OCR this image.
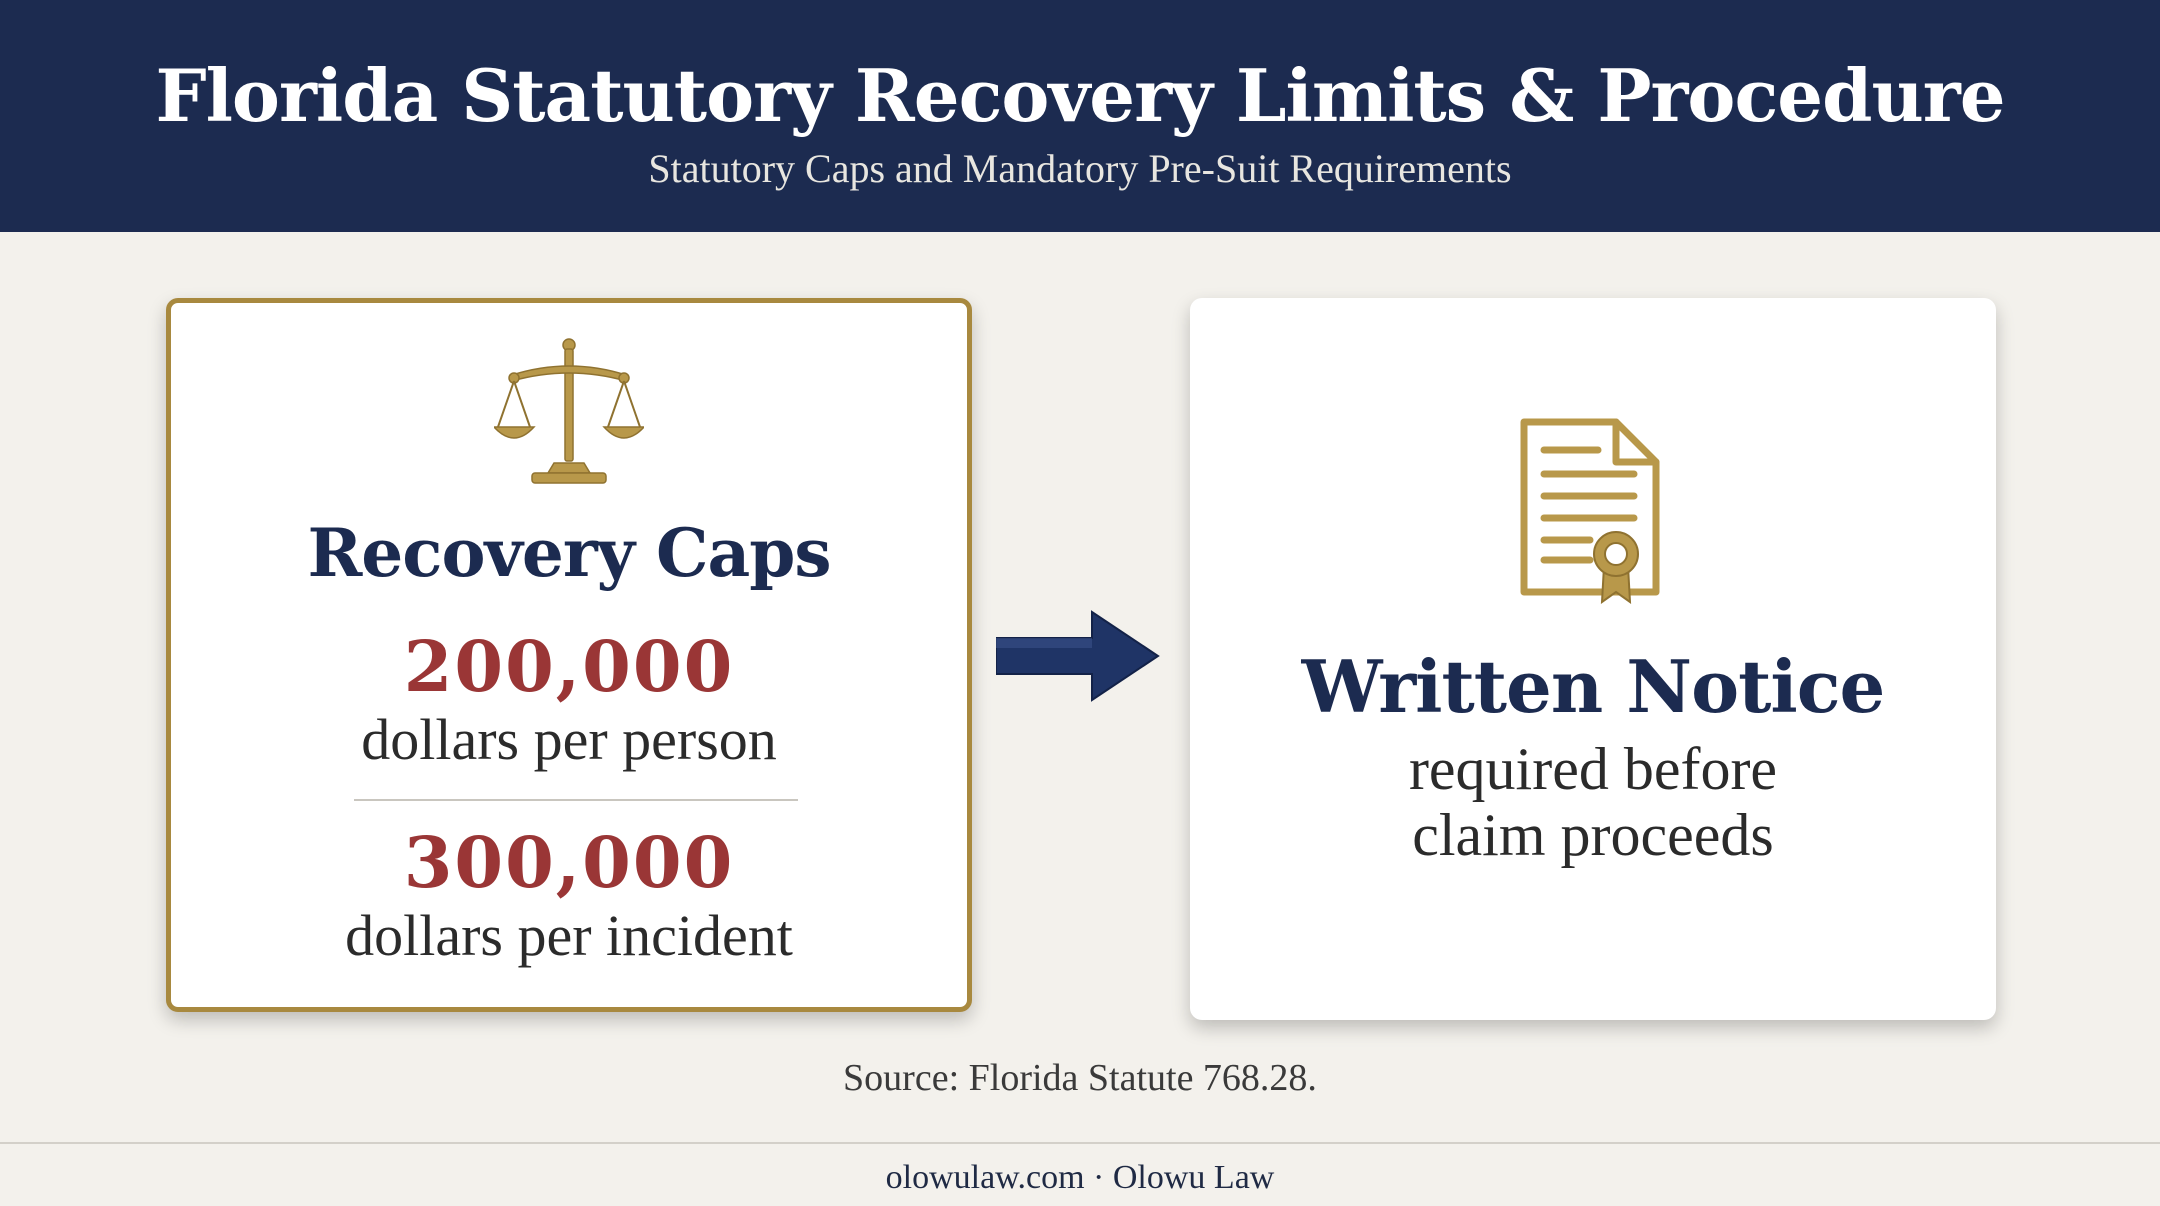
Florida Statutory Recovery Limits & Procedure
Statutory Caps and Mandatory Pre-Suit Requirements
Recovery Caps
200,000
dollars per person
300,000
dollars per incident
Written Notice
required before
claim proceeds
Source: Florida Statute 768.28.
olowulaw.com · Olowu Law
